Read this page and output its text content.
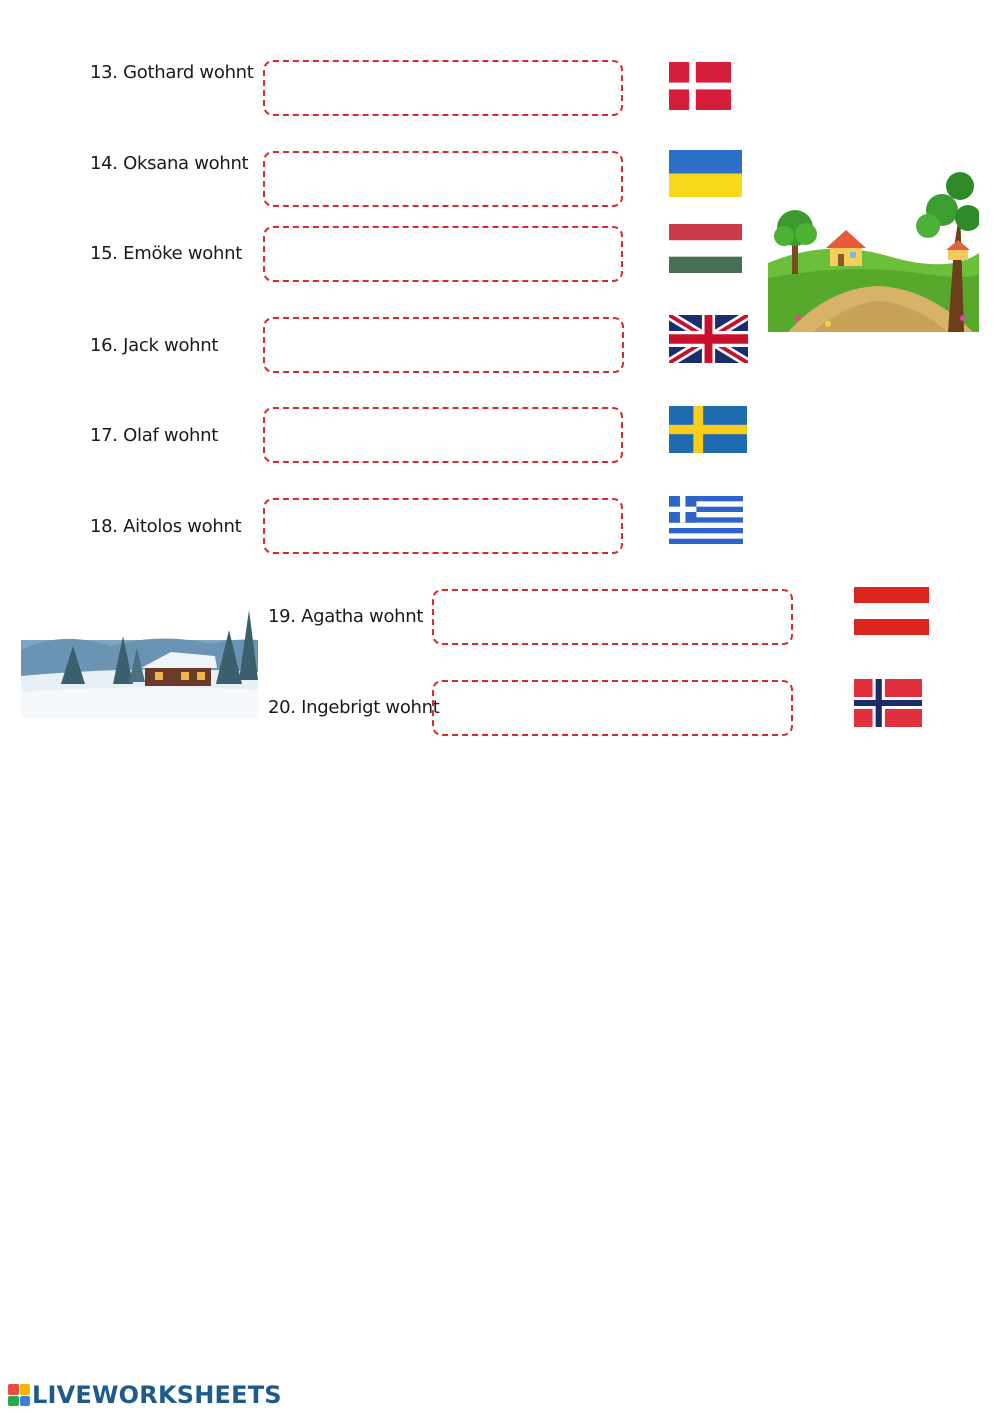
13. Gothard wohnt
14. Oksana wohnt
15. Emöke wohnt
16. Jack wohnt
17. Olaf wohnt
18. Aitolos wohnt
19. Agatha wohnt
20. Ingebrigt wohnt
LIVEWORKSHEETS
